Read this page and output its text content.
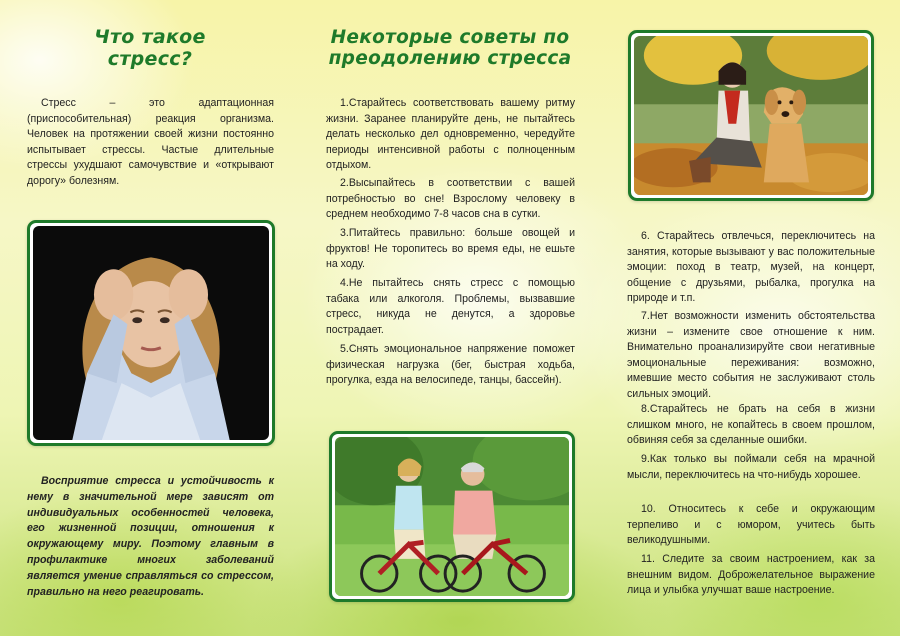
Что такое
стресс?

Стресс – это адаптационная (приспособительная) реакция организма. Человек на протяжении своей жизни постоянно испытывает стрессы. Частые длительные стрессы ухудшают самочувствие и «открывают дорогу» болезням.

Восприятие стресса и устойчивость к нему в значительной мере зависят от индивидуальных особенностей человека, его жизненной позиции, отношения к окружающему миру. Поэтому главным в профилактике многих заболеваний является умение справляться со стрессом, правильно на него реагировать.

Некоторые советы по
преодолению стресса

1.Старайтесь соответствовать вашему ритму жизни. Заранее планируйте день, не пытайтесь делать несколько дел одновременно, чередуйте периоды интенсивной работы с полноценным отдыхом.

2.Высыпайтесь в соответствии с вашей потребностью во сне! Взрослому человеку в среднем необходимо 7-8 часов сна в сутки.

3.Питайтесь правильно: больше овощей и фруктов! Не торопитесь во время еды, не ешьте на ходу.

4.Не пытайтесь снять стресс с помощью табака или алкоголя. Проблемы, вызвавшие стресс, никуда не денутся, а здоровье пострадает.

5.Снять эмоциональное напряжение поможет физическая нагрузка (бег, быстрая ходьба, прогулка, езда на велосипеде, танцы, бассейн).

6. Старайтесь отвлечься, переключитесь на занятия, которые вызывают у вас положительные эмоции: поход в театр, музей, на концерт, общение с друзьями, рыбалка, прогулка на природе и т.п.

7.Нет возможности изменить обстоятельства жизни – измените свое отношение к ним. Внимательно проанализируйте свои негативные эмоциональные переживания: возможно, имевшие место события не заслуживают столь сильных эмоций.

8.Старайтесь не брать на себя в жизни слишком много, не копайтесь в своем прошлом, обвиняя себя за сделанные ошибки.

9.Как только вы поймали себя на мрачной мысли, переключитесь на что-нибудь хорошее.

10. Относитесь к себе и окружающим терпеливо и с юмором, учитесь быть великодушными.

11. Следите за своим настроением, как за внешним видом. Доброжелательное выражение лица и улыбка улучшат ваше настроение.
